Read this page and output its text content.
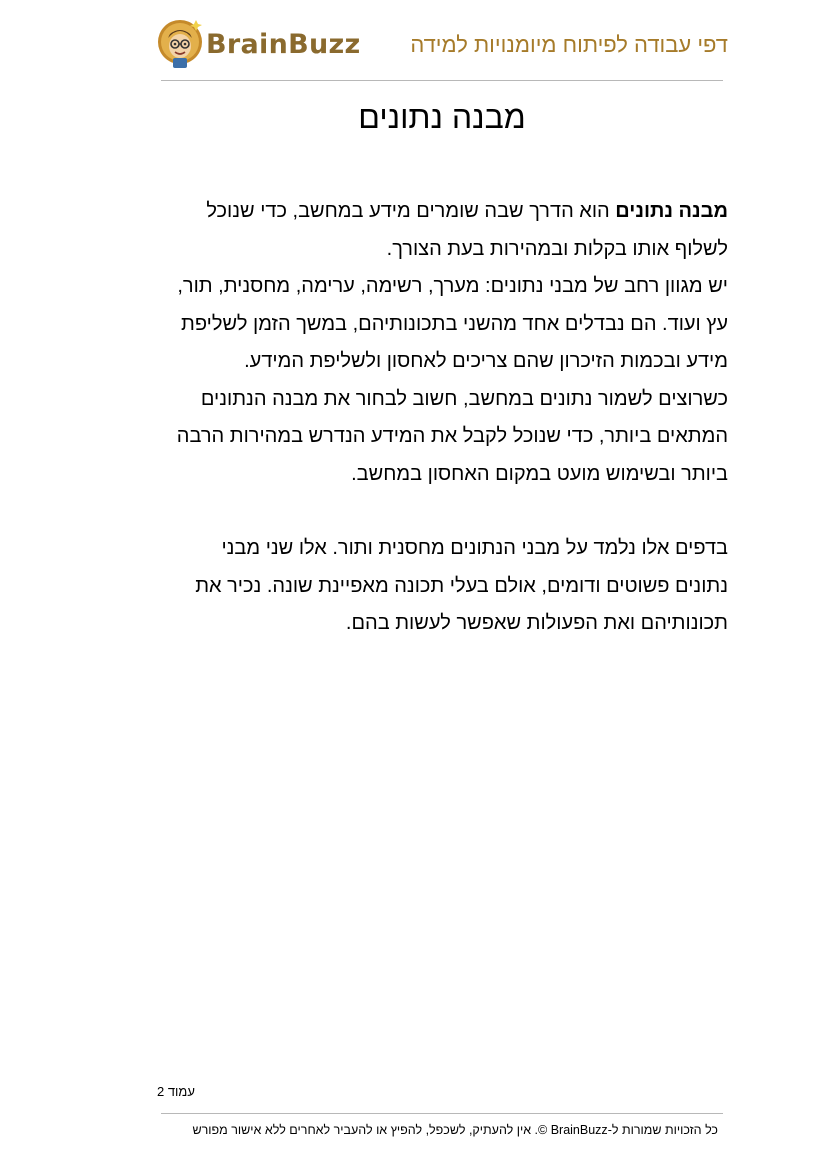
BrainBuzz דפי עבודה לפיתוח מיומנויות למידה
מבנה נתונים

מבנה נתונים הוא הדרך שבה שומרים מידע במחשב, כדי שנוכל לשלוף אותו בקלות ובמהירות בעת הצורך.

יש מגוון רחב של מבני נתונים: מערך, רשימה, ערימה, מחסנית, תור, עץ ועוד. הם נבדלים אחד מהשני בתכונותיהם, במשך הזמן לשליפת מידע ובכמות הזיכרון שהם צריכים לאחסון ולשליפת המידע.

כשרוצים לשמור נתונים במחשב, חשוב לבחור את מבנה הנתונים המתאים ביותר, כדי שנוכל לקבל את המידע הנדרש במהירות הרבה ביותר ובשימוש מועט במקום האחסון במחשב.

בדפים אלו נלמד על מבני הנתונים מחסנית ותור. אלו שני מבני נתונים פשוטים ודומים, אולם בעלי תכונה מאפיינת שונה. נכיר את תכונותיהם ואת הפעולות שאפשר לעשות בהם.

עמוד 2
כל הזכויות שמורות ל-BrainBuzz ©. אין להעתיק, לשכפל, להפיץ או להעביר לאחרים ללא אישור מפורש
